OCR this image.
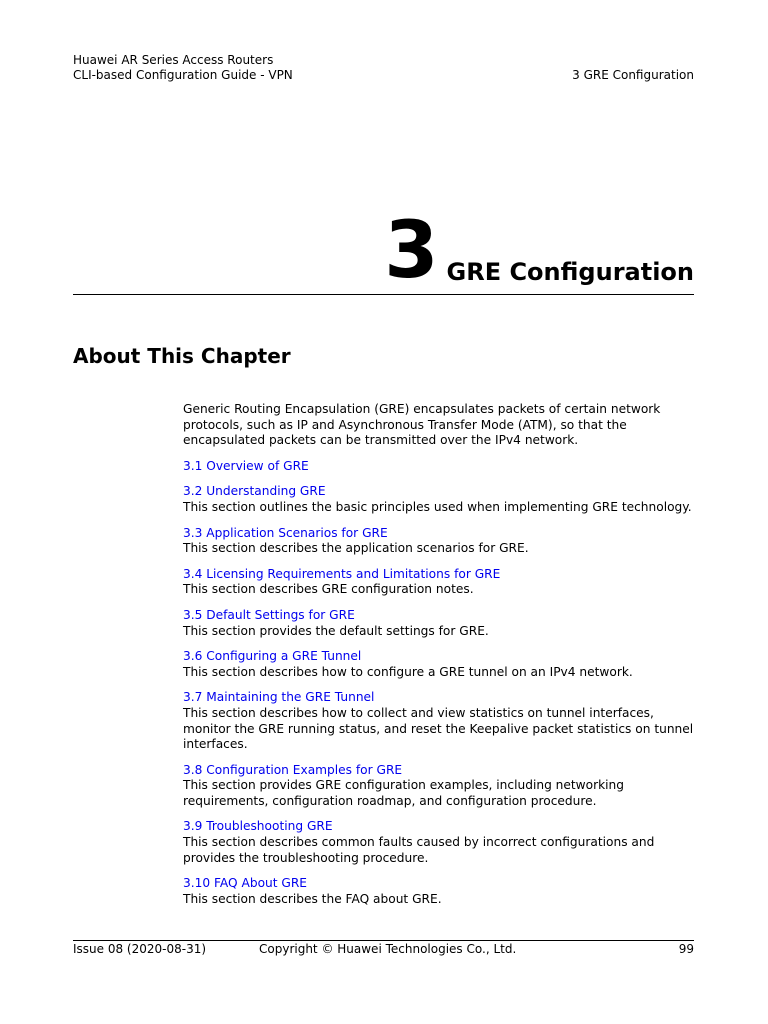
Huawei AR Series Access Routers
CLI-based Configuration Guide - VPN	3 GRE Configuration
3 GRE Configuration
About This Chapter

Generic Routing Encapsulation (GRE) encapsulates packets of certain network protocols, such as IP and Asynchronous Transfer Mode (ATM), so that the encapsulated packets can be transmitted over the IPv4 network.

3.1 Overview of GRE
3.2 Understanding GRE
This section outlines the basic principles used when implementing GRE technology.
3.3 Application Scenarios for GRE
This section describes the application scenarios for GRE.
3.4 Licensing Requirements and Limitations for GRE
This section describes GRE configuration notes.
3.5 Default Settings for GRE
This section provides the default settings for GRE.
3.6 Configuring a GRE Tunnel
This section describes how to configure a GRE tunnel on an IPv4 network.
3.7 Maintaining the GRE Tunnel
This section describes how to collect and view statistics on tunnel interfaces, monitor the GRE running status, and reset the Keepalive packet statistics on tunnel interfaces.
3.8 Configuration Examples for GRE
This section provides GRE configuration examples, including networking requirements, configuration roadmap, and configuration procedure.
3.9 Troubleshooting GRE
This section describes common faults caused by incorrect configurations and provides the troubleshooting procedure.
3.10 FAQ About GRE
This section describes the FAQ about GRE.
Issue 08 (2020-08-31)	Copyright © Huawei Technologies Co., Ltd.	99
